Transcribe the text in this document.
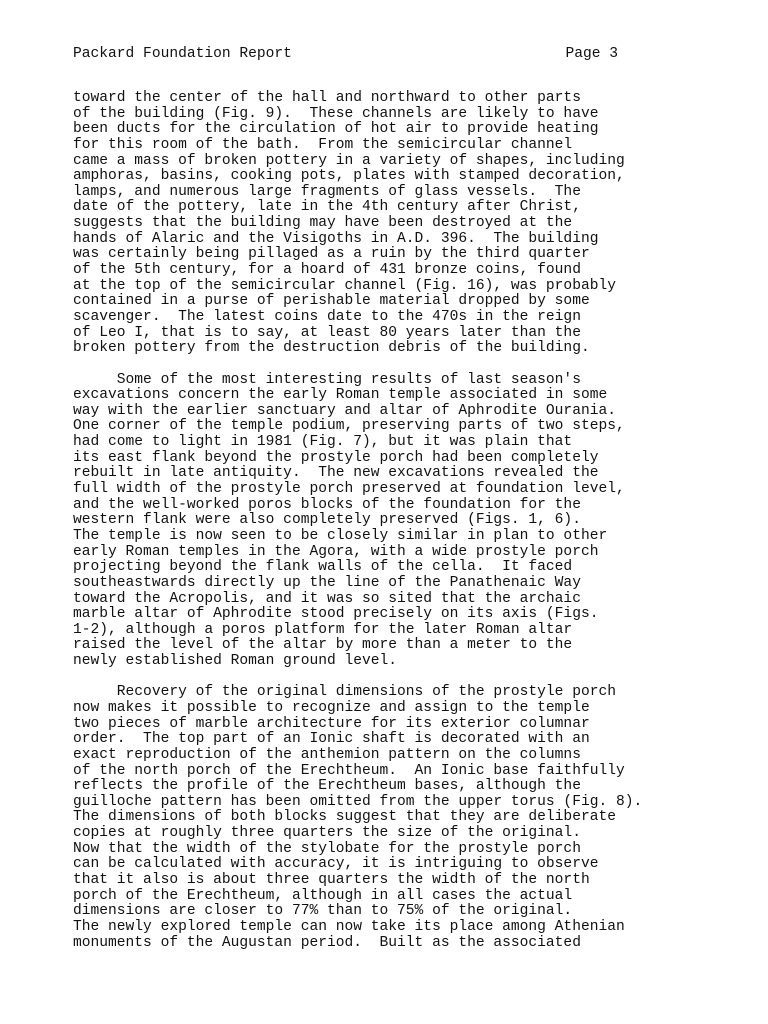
Packard Foundation Report	Page 3
toward the center of the hall and northward to other parts
of the building (Fig. 9).  These channels are likely to have
been ducts for the circulation of hot air to provide heating
for this room of the bath.  From the semicircular channel
came a mass of broken pottery in a variety of shapes, including
amphoras, basins, cooking pots, plates with stamped decoration,
lamps, and numerous large fragments of glass vessels.  The
date of the pottery, late in the 4th century after Christ,
suggests that the building may have been destroyed at the
hands of Alaric and the Visigoths in A.D. 396.  The building
was certainly being pillaged as a ruin by the third quarter
of the 5th century, for a hoard of 431 bronze coins, found
at the top of the semicircular channel (Fig. 16), was probably
contained in a purse of perishable material dropped by some
scavenger.  The latest coins date to the 470s in the reign
of Leo I, that is to say, at least 80 years later than the
broken pottery from the destruction debris of the building.
Some of the most interesting results of last season's
excavations concern the early Roman temple associated in some
way with the earlier sanctuary and altar of Aphrodite Ourania.
One corner of the temple podium, preserving parts of two steps,
had come to light in 1981 (Fig. 7), but it was plain that
its east flank beyond the prostyle porch had been completely
rebuilt in late antiquity.  The new excavations revealed the
full width of the prostyle porch preserved at foundation level,
and the well-worked poros blocks of the foundation for the
western flank were also completely preserved (Figs. 1, 6).
The temple is now seen to be closely similar in plan to other
early Roman temples in the Agora, with a wide prostyle porch
projecting beyond the flank walls of the cella.  It faced
southeastwards directly up the line of the Panathenaic Way
toward the Acropolis, and it was so sited that the archaic
marble altar of Aphrodite stood precisely on its axis (Figs.
1-2), although a poros platform for the later Roman altar
raised the level of the altar by more than a meter to the
newly established Roman ground level.
Recovery of the original dimensions of the prostyle porch
now makes it possible to recognize and assign to the temple
two pieces of marble architecture for its exterior columnar
order.  The top part of an Ionic shaft is decorated with an
exact reproduction of the anthemion pattern on the columns
of the north porch of the Erechtheum.  An Ionic base faithfully
reflects the profile of the Erechtheum bases, although the
guilloche pattern has been omitted from the upper torus (Fig. 8).
The dimensions of both blocks suggest that they are deliberate
copies at roughly three quarters the size of the original.
Now that the width of the stylobate for the prostyle porch
can be calculated with accuracy, it is intriguing to observe
that it also is about three quarters the width of the north
porch of the Erechtheum, although in all cases the actual
dimensions are closer to 77% than to 75% of the original.
The newly explored temple can now take its place among Athenian
monuments of the Augustan period.  Built as the associated
